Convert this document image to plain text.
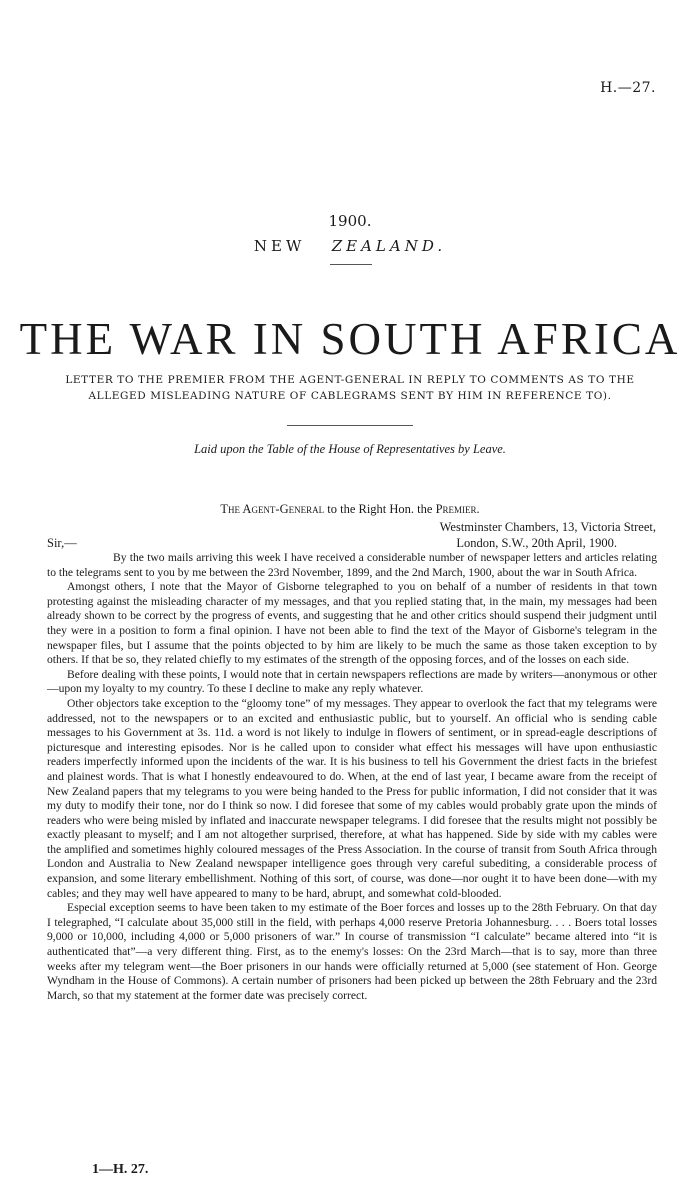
H.—27.
1900.
NEW ZEALAND.
THE WAR IN SOUTH AFRICA
LETTER TO THE PREMIER FROM THE AGENT-GENERAL IN REPLY TO COMMENTS AS TO THE ALLEGED MISLEADING NATURE OF CABLEGRAMS SENT BY HIM IN REFERENCE TO).
Laid upon the Table of the House of Representatives by Leave.
The Agent-General to the Right Hon. the Premier.
Westminster Chambers, 13, Victoria Street,
London, S.W., 20th April, 1900.
Sir,—

By the two mails arriving this week I have received a considerable number of newspaper letters and articles relating to the telegrams sent to you by me between the 23rd November, 1899, and the 2nd March, 1900, about the war in South Africa.

Amongst others, I note that the Mayor of Gisborne telegraphed to you on behalf of a number of residents in that town protesting against the misleading character of my messages, and that you replied stating that, in the main, my messages had been already shown to be correct by the progress of events, and suggesting that he and other critics should suspend their judgment until they were in a position to form a final opinion. I have not been able to find the text of the Mayor of Gisborne's telegram in the newspaper files, but I assume that the points objected to by him are likely to be much the same as those taken exception to by others. If that be so, they related chiefly to my estimates of the strength of the opposing forces, and of the losses on each side.

Before dealing with these points, I would note that in certain newspapers reflections are made by writers—anonymous or other—upon my loyalty to my country. To these I decline to make any reply whatever.

Other objectors take exception to the “gloomy tone” of my messages. They appear to overlook the fact that my telegrams were addressed, not to the newspapers or to an excited and enthusiastic public, but to yourself. An official who is sending cable messages to his Government at 3s. 11d. a word is not likely to indulge in flowers of sentiment, or in spread-eagle descriptions of picturesque and interesting episodes. Nor is he called upon to consider what effect his messages will have upon enthusiastic readers imperfectly informed upon the incidents of the war. It is his business to tell his Government the driest facts in the briefest and plainest words. That is what I honestly endeavoured to do. When, at the end of last year, I became aware from the receipt of New Zealand papers that my telegrams to you were being handed to the Press for public information, I did not consider that it was my duty to modify their tone, nor do I think so now. I did foresee that some of my cables would probably grate upon the minds of readers who were being misled by inflated and inaccurate newspaper telegrams. I did foresee that the results might not possibly be exactly pleasant to myself; and I am not altogether surprised, therefore, at what has happened. Side by side with my cables were the amplified and sometimes highly coloured messages of the Press Association. In the course of transit from South Africa through London and Australia to New Zealand newspaper intelligence goes through very careful subediting, a considerable process of expansion, and some literary embellishment. Nothing of this sort, of course, was done—nor ought it to have been done—with my cables; and they may well have appeared to many to be hard, abrupt, and somewhat cold-blooded.

Especial exception seems to have been taken to my estimate of the Boer forces and losses up to the 28th February. On that day I telegraphed, “I calculate about 35,000 still in the field, with perhaps 4,000 reserve Pretoria Johannesburg. . . . Boers total losses 9,000 or 10,000, including 4,000 or 5,000 prisoners of war.” In course of transmission “I calculate” became altered into “it is authenticated that”—a very different thing. First, as to the enemy's losses: On the 23rd March—that is to say, more than three weeks after my telegram went—the Boer prisoners in our hands were officially returned at 5,000 (see statement of Hon. George Wyndham in the House of Commons). A certain number of prisoners had been picked up between the 28th February and the 23rd March, so that my statement at the former date was precisely correct.

1—H. 27.
